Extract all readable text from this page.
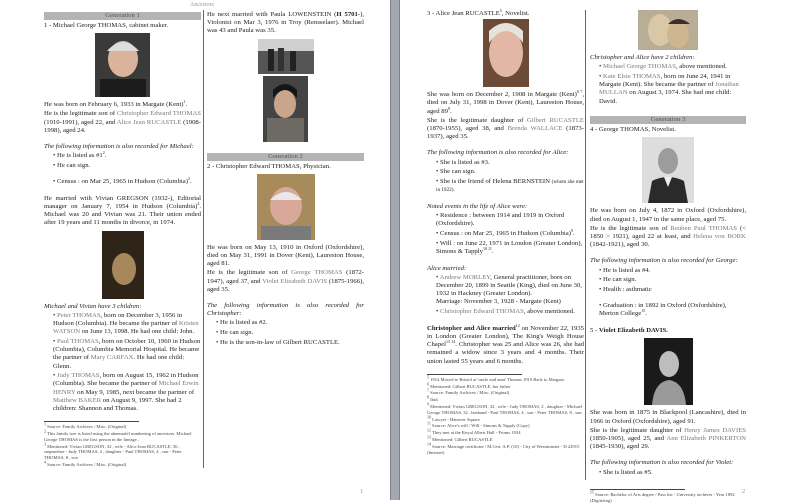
Ancestors
Generation 1

1 - Michael George THOMAS, cabinet maker.

He was born on February 6, 1933 in Margate (Kent)$^1$.

He is the legitimate son of Christopher Edward THOMAS (1910-1991), aged 22, and Alice Jean RUCASTLE (1908-1998), aged 24.

The following information is also recorded for Michael:

• He is listed as $\#1^2$.
• He can sign.
• Census : on Mar 25, 1965 in Hudson (Columbia)$^3$.

He married with Vivian GREGSON (1932-), Editorial manager on January 7, 1954 in Hudson (Columbia)$^4$. Michael was 20 and Vivian was 21. Their union ended after 19 years and 11 months in divorce, in 1974.

Michael and Vivian have 3 children:

• Peter THOMAS, born on December 3, 1956 in Hudson (Columbia). He became the partner of Kristen WATSON on June 13, 1998. He had one child: John.
• Paul THOMAS, born on October 10, 1960 in Hudson (Columbia), Columbia Memorial Hospital. He became the partner of Mary CARFAX. He had one child: Glenn.
• Judy THOMAS, born on August 15, 1962 in Hudson (Columbia). She became the partner of Michael Erwin HENRY on May 9, 1985, next became the partner of Matthew BAKER on August 9, 1997. She had 2 children: Shannon and Thomas.
$^1$ Source: Family Archives / Misc. (Original)
$^2$ This family tree is listed using the ahnentafel numbering of ancestors. Michael George THOMAS is the first person in the lineage..
$^3$ Mentioned: Vivian GREGSON, 32 , wife - Alice Jean RUCASTLE, 56 , stepmother - Judy THOMAS, 2 , daughter - Paul THOMAS, 4 , son - Peter THOMAS, 8 , son
$^4$ Source: Family Archives / Misc. (Original)

He next married with Paula LOWENSTEIN (H 5701-), Violonist on Mar 3, 1976 in Troy (Rensselaer). Michael was 43 and Paula was 35.

Generation 2

2 - Christopher Edward THOMAS, Physician.

He was born on May 13, 1910 in Oxford (Oxfordshire), died on May 31, 1991 in Dover (Kent), Laureston House, aged 81.

He is the legitimate son of George THOMAS (1872-1947), aged 37, and Violet Elizabeth DAVIS (1875-1966), aged 35.

The following information is also recorded for Christopher:

• He is listed as #2.
• He can sign.
• He is the son-in-law of Gilbert RUCASTLE.
1

3 - Alice Jean RUCASTLE$^5$, Novelist.

She was born on December 2, 1908 in Margate (Kent)$^{6 7}$, died on July 31, 1998 in Dover (Kent), Laureston House, aged $89^8$.

She is the legitimate daughter of Gilbert RUCASTLE (1870-1955), aged 38, and Brenda WALLACE (1873-1937), aged 35.

The following information is also recorded for Alice:

• She is listed as #3.
• She can sign.
• She is the friend of Helena BERNSTEIN (whom she met in 1922).

Noted events in the life of Alice were:

• Residence : between 1914 and 1919 in Oxford (Oxfordshire).
• Census : on Mar 25, 1965 in Hudson (Columbia)$^9$.
• Will : on June 22, 1971 in London (Greater London), Simons & Tapply$^{10 11}$.

Alice married:

• Andrew MORLEY, General practitioner, born on December 20, 1899 in Seattle (King), died on June 30, 1932 in Hackney (Greater London).
Marriage: November 3, 1928 - Margate (Kent)
• Christopher Edward THOMAS, above mentioned.

Christopher and Alice married$^{12}$ on November 22, 1935 in London (Greater London), The King's Weigh House Chapel$^{13 14}$. Christopher was 25 and Alice was 26, she had remained a widow since 3 years and 4 months. Their union lasted 55 years and 6 months.

$^5$ 1914 Moved to Bristol at 'uncle and aunt' Thomas 1919 Back to Margate.
$^6$ Mentioned: Gilbert RUCASTLE, her father
$^7$ Source: Family Archives / Misc. (Original)
$^8$ Ibid.
$^9$ Mentioned: Vivian GREGSON, 32 , wife - Judy THOMAS, 2 , daughter - Michael George THOMAS, 32 , husband - Paul THOMAS, 4 , son - Peter THOMAS, 8 , son
$^{10}$ Lawyer - Hanover Square
$^{11}$ Source: Alice's will / Will - Simons & Tapply (Copy)
$^{12}$ They met at the Royal Albert Hall - Proms 1934
$^{13}$ Mentioned: Gilbert RUCASTLE
$^{14}$ Source: Marriage certificate / M.Cert. A.P. (10) - City of Westminster - D 22915 (Internet)

Christopher and Alice have 2 children:

• Michael George THOMAS, above mentioned.
• Kate Elsie THOMAS, born on June 24, 1941 in Margate (Kent). She became the partner of Jonathan MULLAN on August 3, 1974. She had one child: David.
Generation 3

4 - George THOMAS, Novelist.

He was born on July 4, 1872 in Oxford (Oxfordshire), died on August 1, 1947 in the same place, aged 75.

He is the legitimate son of Reuben Paul THOMAS (< 1850 > 1921), aged 22 at least, and Helena von BORK (1842-1921), aged 30.

The following information is also recorded for George:

• He is listed as #4.
• He can sign.
• Health : asthmatic
• Graduation : in 1892 in Oxford (Oxfordshire), Merton College$^{15}$.

5 - Violet Elizabeth DAVIS.

She was born in 1875 in Blackpool (Lancashire), died in 1966 in Oxford (Oxfordshire), aged 91.

She is the legitimate daughter of Henry James DAVIES (1850-1905), aged 25, and Ann Elizabeth PINKERTON (1845-1930), aged 29.

The following information is also recorded for Violet:

• She is listed as #5.
$^{15}$ Source: Bachelor of Arts degree / Pass list - University archives - Year 1892 (Digitizing)
2
